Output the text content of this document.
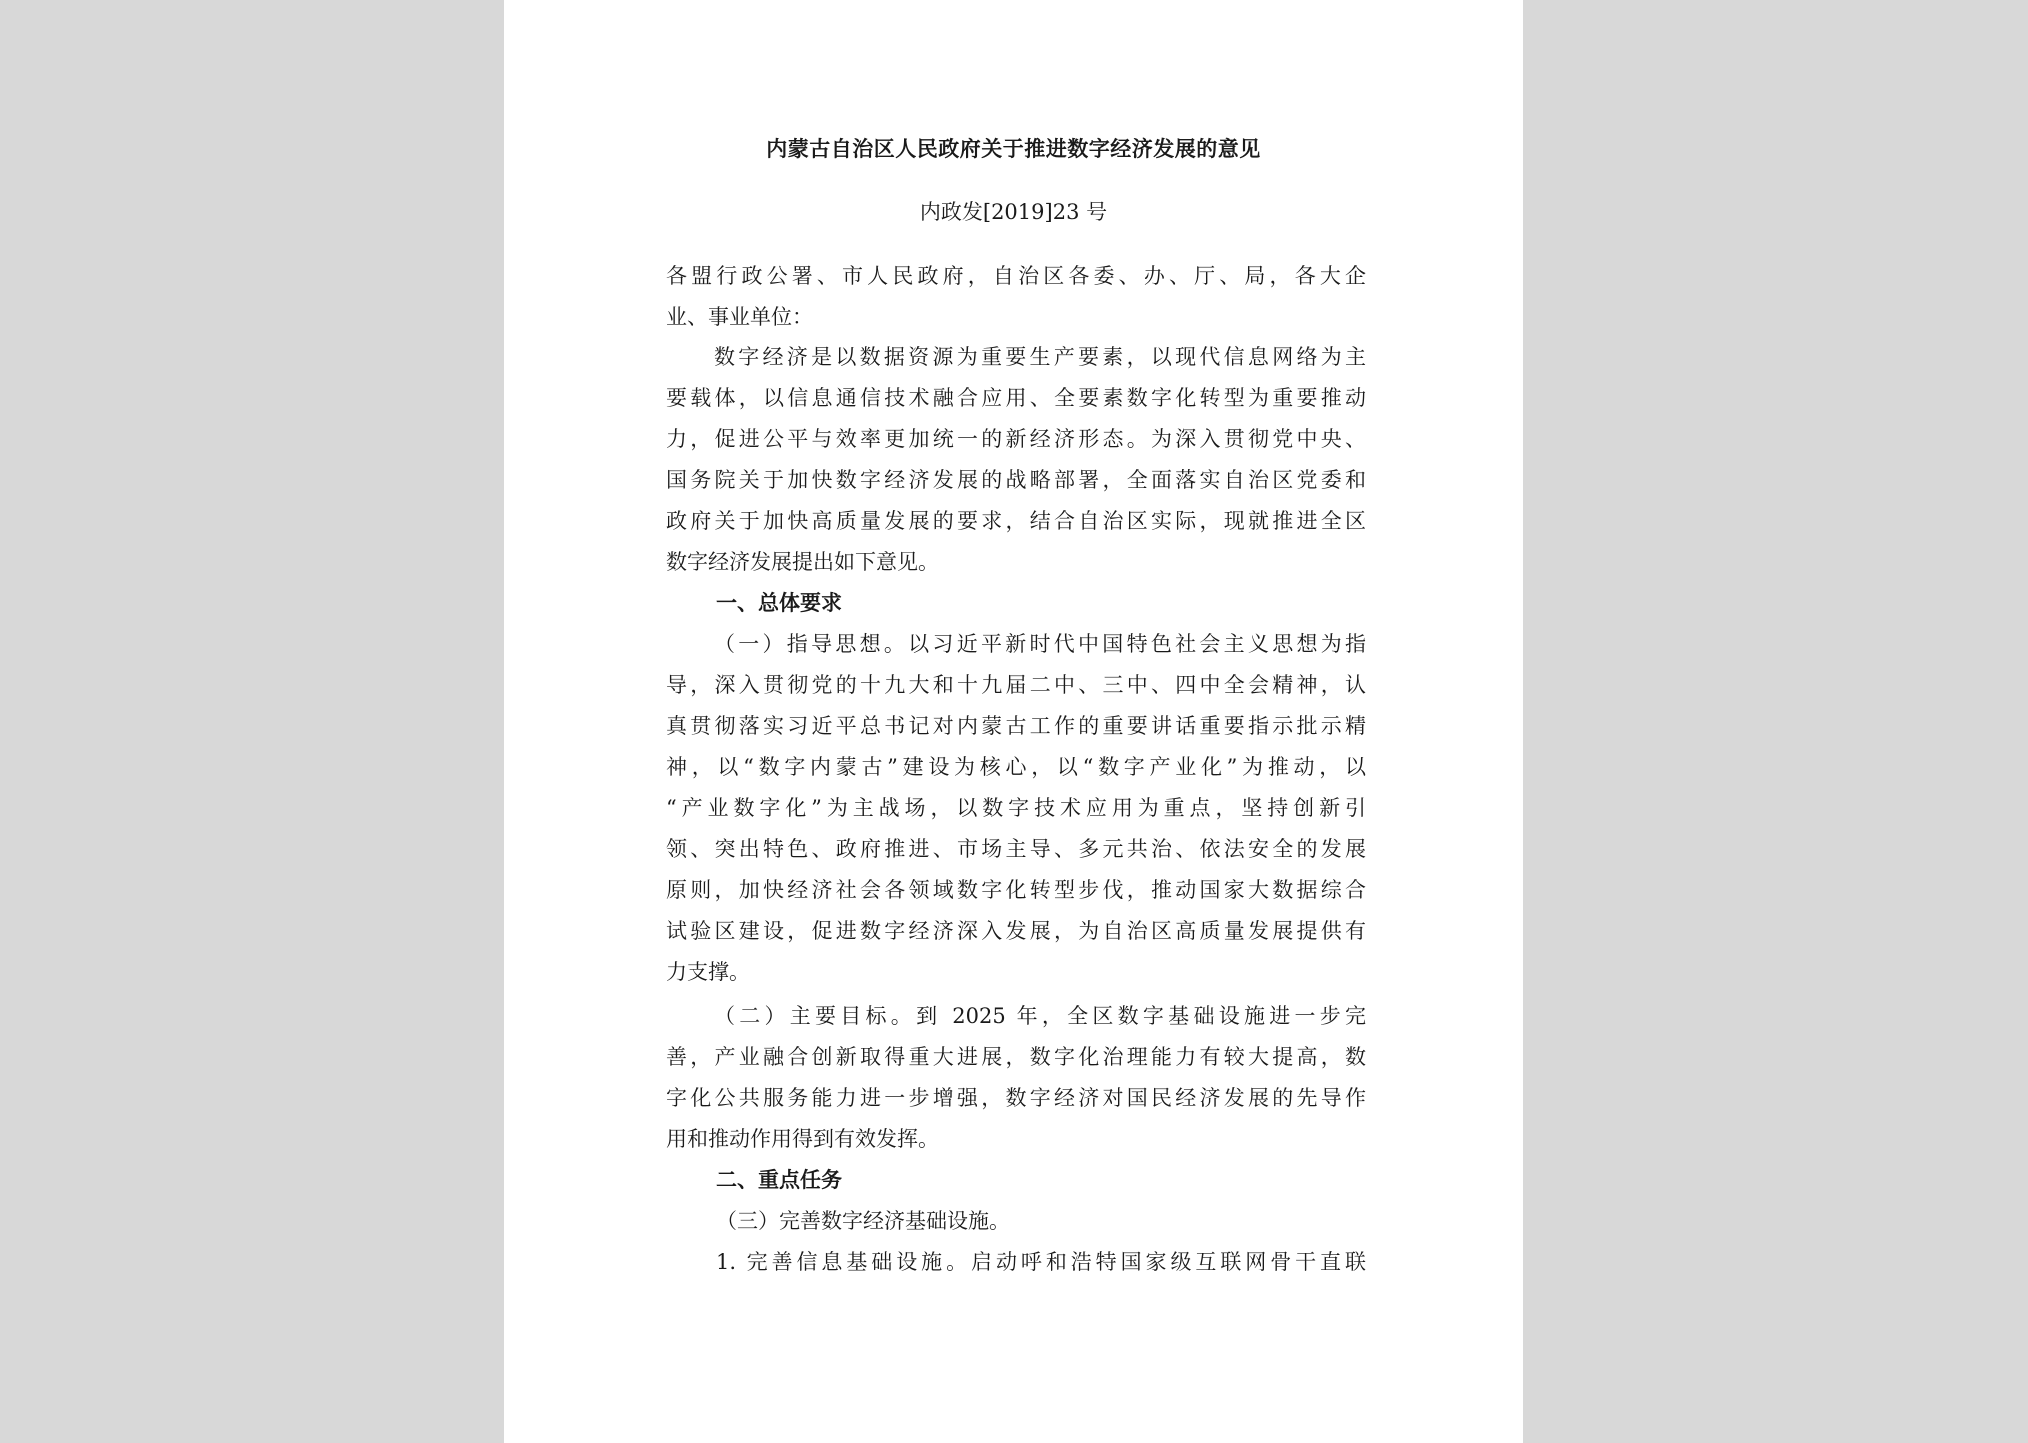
内蒙古自治区人民政府关于推进数字经济发展的意见
内政发[2019]23 号
各盟行政公署、市人民政府，自治区各委、办、厅、局，各大企
业、事业单位：
数字经济是以数据资源为重要生产要素，以现代信息网络为主
要载体，以信息通信技术融合应用、全要素数字化转型为重要推动
力，促进公平与效率更加统一的新经济形态。为深入贯彻党中央、
国务院关于加快数字经济发展的战略部署，全面落实自治区党委和
政府关于加快高质量发展的要求，结合自治区实际，现就推进全区
数字经济发展提出如下意见。
一、总体要求
（一）指导思想。以习近平新时代中国特色社会主义思想为指
导，深入贯彻党的十九大和十九届二中、三中、四中全会精神，认
真贯彻落实习近平总书记对内蒙古工作的重要讲话重要指示批示精
神，以“数字内蒙古”建设为核心，以“数字产业化”为推动，以
“产业数字化”为主战场，以数字技术应用为重点，坚持创新引
领、突出特色、政府推进、市场主导、多元共治、依法安全的发展
原则，加快经济社会各领域数字化转型步伐，推动国家大数据综合
试验区建设，促进数字经济深入发展，为自治区高质量发展提供有
力支撑。
（二）主要目标。到 2025 年，全区数字基础设施进一步完
善，产业融合创新取得重大进展，数字化治理能力有较大提高，数
字化公共服务能力进一步增强，数字经济对国民经济发展的先导作
用和推动作用得到有效发挥。
二、重点任务
（三）完善数字经济基础设施。
1. 完善信息基础设施。启动呼和浩特国家级互联网骨干直联
